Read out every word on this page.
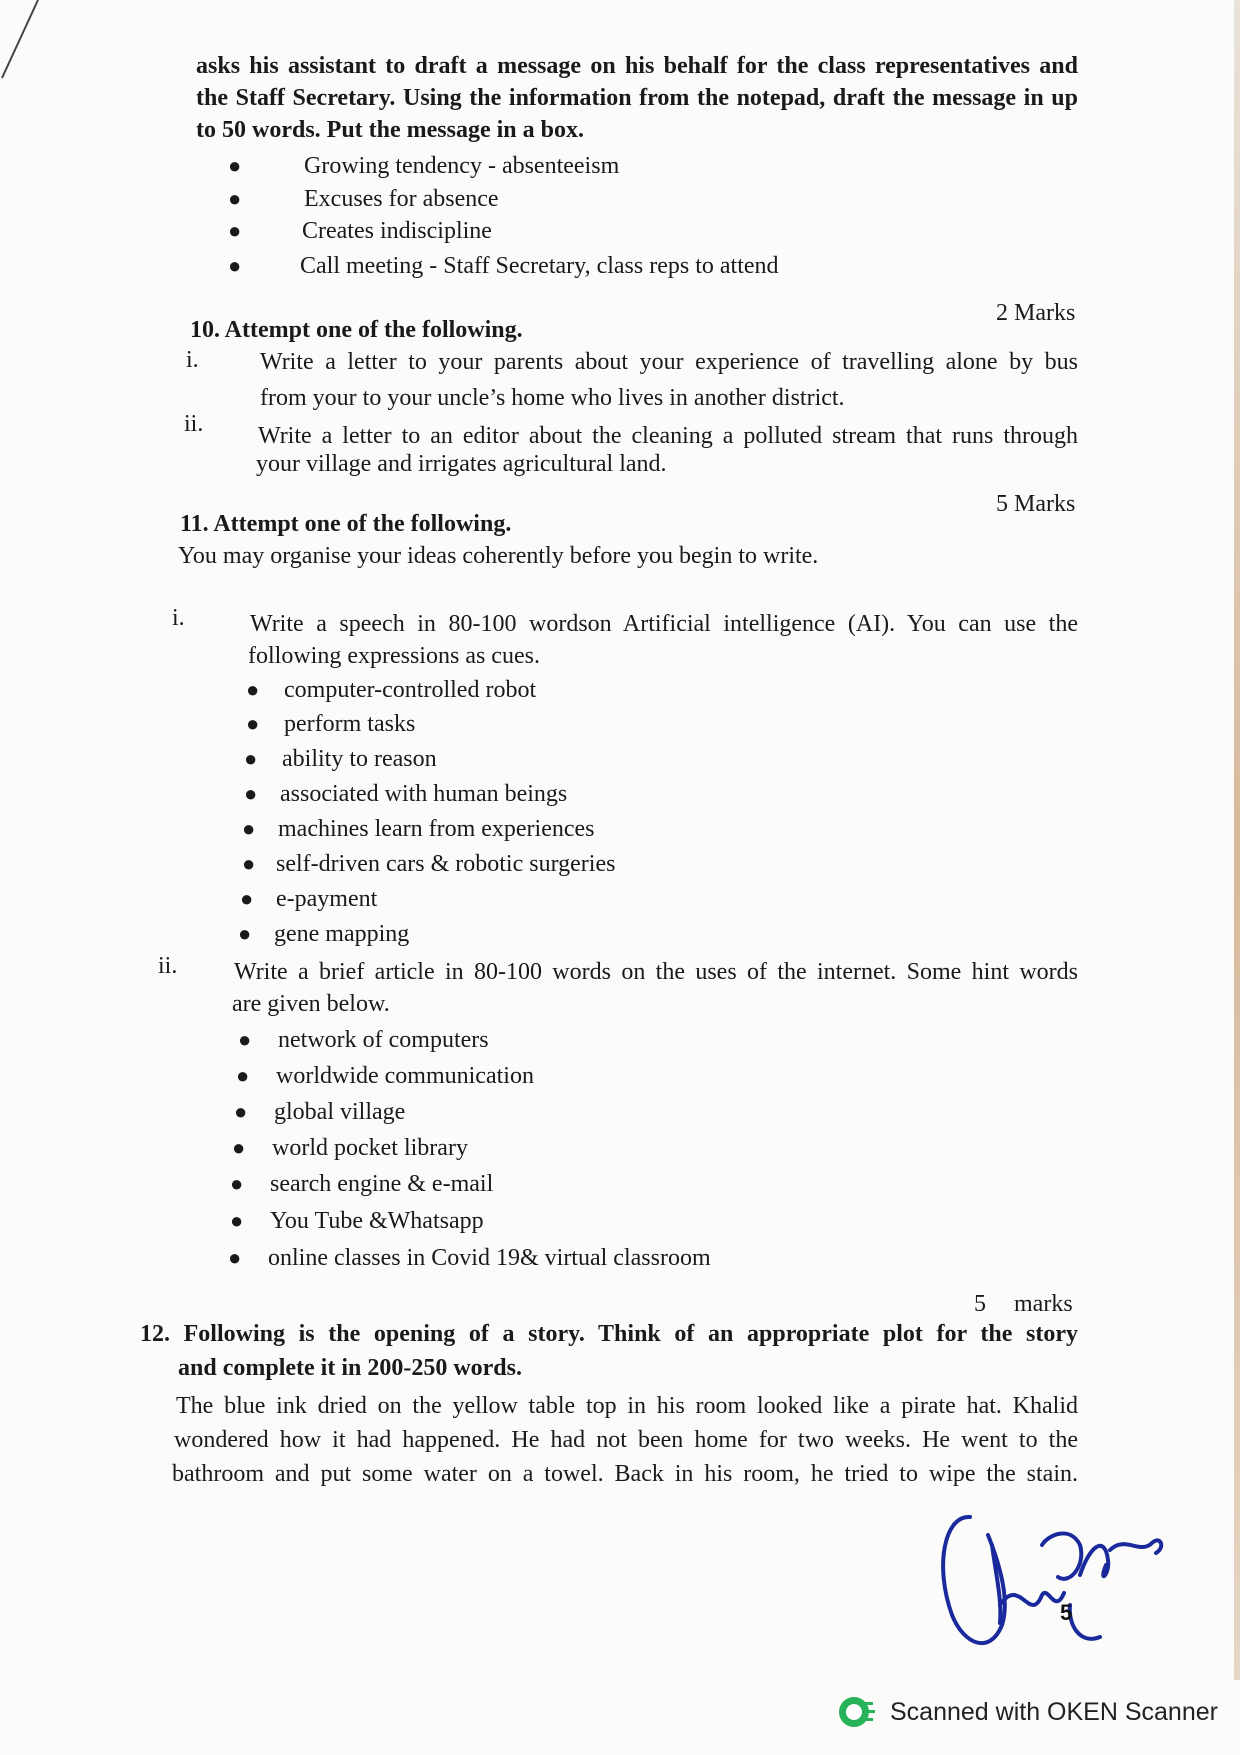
asks his assistant to draft a message on his behalf for the class representatives and
the Staff Secretary. Using the information from the notepad, draft the message in up
to 50 words. Put the message in a box.
●	Growing tendency - absenteeism
●	Excuses for absence
●	Creates indiscipline
● Call meeting - Staff Secretary, class reps to attend
2 Marks
10. Attempt one of the following.
i.	Write a letter to your parents about your experience of travelling alone by bus
from your to your uncle’s home who lives in another district.
ii. Write a letter to an editor about the cleaning a polluted stream that runs through
your village and irrigates agricultural land.
5 Marks
11. Attempt one of the following.
You may organise your ideas coherently before you begin to write.
i.	Write a speech in 80-100 wordson Artificial intelligence (AI). You can use the
following expressions as cues.
● computer-controlled robot
● perform tasks
● ability to reason
● associated with human beings
● machines learn from experiences
● self-driven cars & robotic surgeries
● e-payment
● gene mapping
ii. Write a brief article in 80-100 words on the uses of the internet. Some hint words
are given below.
● network of computers
● worldwide communication
● global village
● world pocket library
● search engine & e-mail
● You Tube &Whatsapp
● online classes in Covid 19& virtual classroom
5 marks
12. Following is the opening of a story. Think of an appropriate plot for the story
and complete it in 200-250 words.
The blue ink dried on the yellow table top in his room looked like a pirate hat. Khalid
wondered how it had happened. He had not been home for two weeks. He went to the
bathroom and put some water on a towel. Back in his room, he tried to wipe the stain.
5
Scanned with OKEN Scanner
